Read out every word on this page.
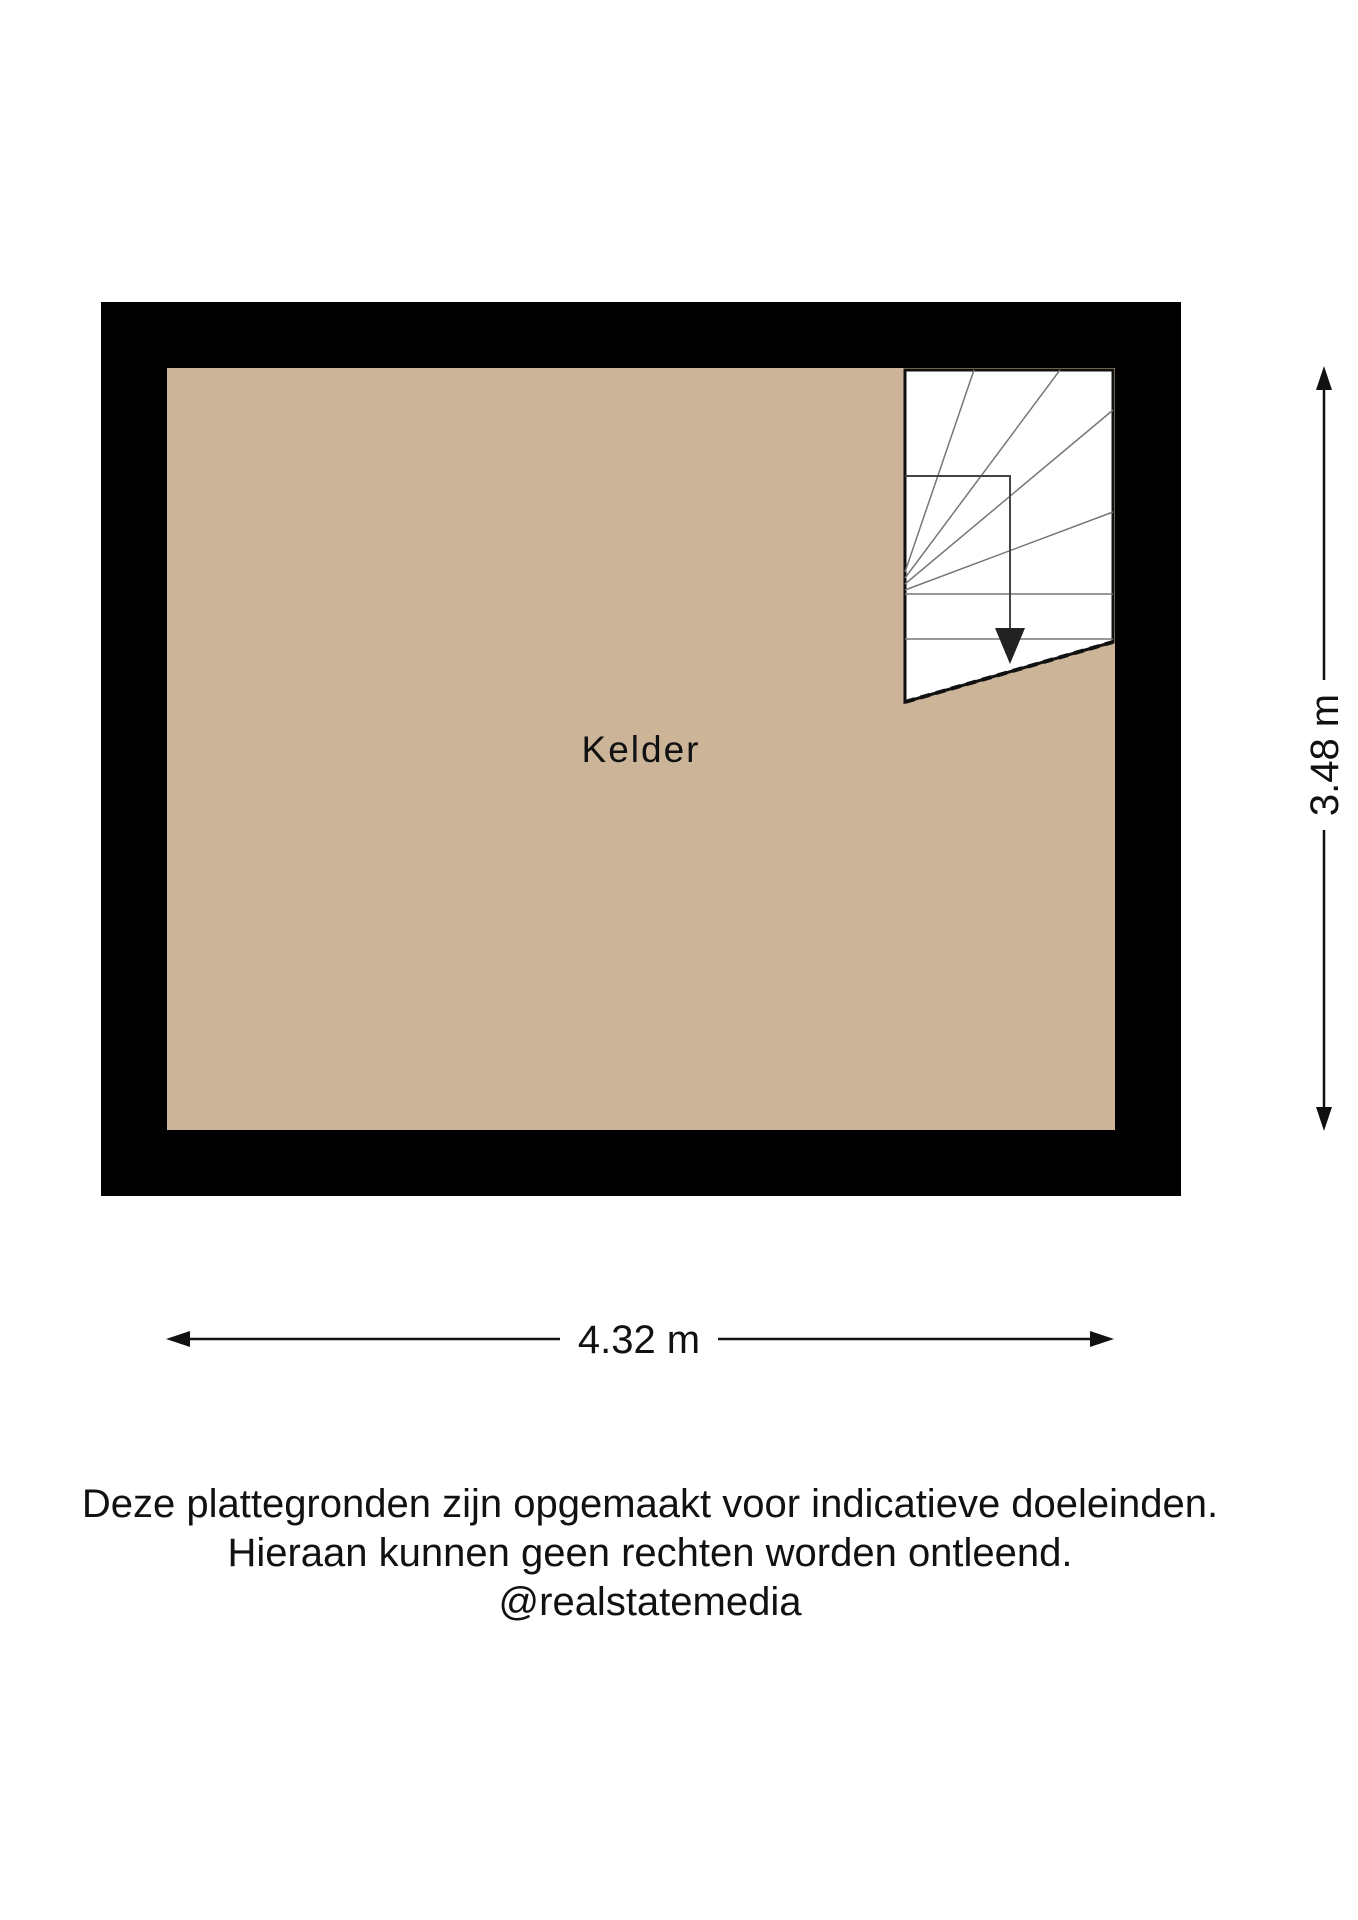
Kelder
4.32 m
3.48 m
Deze plattegronden zijn opgemaakt voor indicatieve doeleinden.
Hieraan kunnen geen rechten worden ontleend.
@realstatemedia
